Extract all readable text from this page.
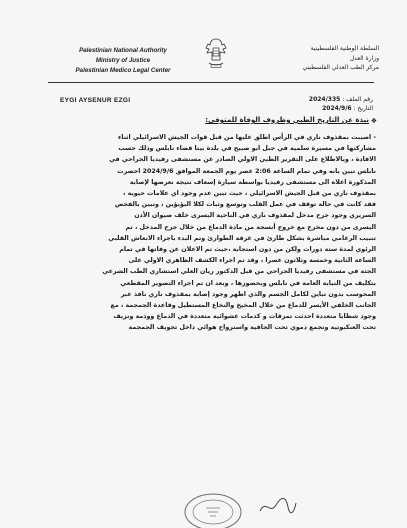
Palestinian National Authority
Ministry of Justice
Palestinian Medico Legal Center
السلطة الوطنية الفلسطينية
وزارة العدل
مركز الطب العدلي الفلسطيني
EYGI AYSENUR EZGI	رقم الملف : 2024/335
التاريخ : 2024/9/6
❖
نبذة عن التاريخ الطبي وظروف الوفاة للمتوفى:

- اصيبت بمقذوف ناري في الرأس اطلق عليها من قبل قوات الجيش الاسرائيلي اثناء

مشاركتها في مسيرة سلمية في جبل ابو صبيح في بلدة بيتا قضاء نابلس وذلك حسب

الافادة ، وبالاطلاع على التقرير الطبي الاولي الصادر عن مستشفى رفيديا الجراحي في

نابلس تبين بانه وفي تمام الساعة 2:06 عصر يوم الجمعة الموافق 2024/9/6 احضرت

المذكورة اعلاه الى مستشفى رفيديا بواسطة سيارة إسعاف نتيجة تعرضها لإصابة

بمقذوف ناري من قبل الجيش الاسرائيلي ، حيث تبين عدم وجود اي علامات حيوية ،

فقد كانت في حالة توقف في عمل القلب وتوسع وثبات لكلا البؤبؤين ، وتبين بالفحص

السريري وجود جرح مدخل لمقذوف ناري في الناحية اليسرى خلف صيوان الأذن

اليسرى من دون مخرج مع خروج أنسجة من مادة الدماغ من خلال جرح المدخل ، تم

تنبيب الرغامي مباشرة بشكل طارئ في غرفة الطوارئ وتم البدء باجراء الانعاش القلبي

الرئوي لمدة ستة دورات ولكن من دون استجابة ،حيث تم الاعلان عن وفاتها في تمام

الساعة الثانية وخمسة وثلاثون عصرا ، وقد تم اجراء الكشف الظاهري الاولي على

الجثة في مستشفى رفيديا الجراحي من قبل الدكتور ريان العلي استشاري الطب الشرعي

بتكليف من النيابة العامة في نابلس وبحضورها ، وبعد ان تم اجراء التصوير المقطعي

المحوسب بدون تباين لكامل الجسم والذي اظهر وجود إصابة بمقذوف ناري نافذ عبر

الجانب الخلفي الأيسر للدماغ من خلال المخيخ والنخاع المستطيل وقاعدة الجمجمة ، مع

وجود شظايا متعددة احدثت تمزقات و كدمات عشوائية متعددة في الدماغ ووذمة ونزيف

تحت العنكبوتية وتجمع دموي تحت الجافية واسترواح هوائي داخل تجويف الجمجمة
